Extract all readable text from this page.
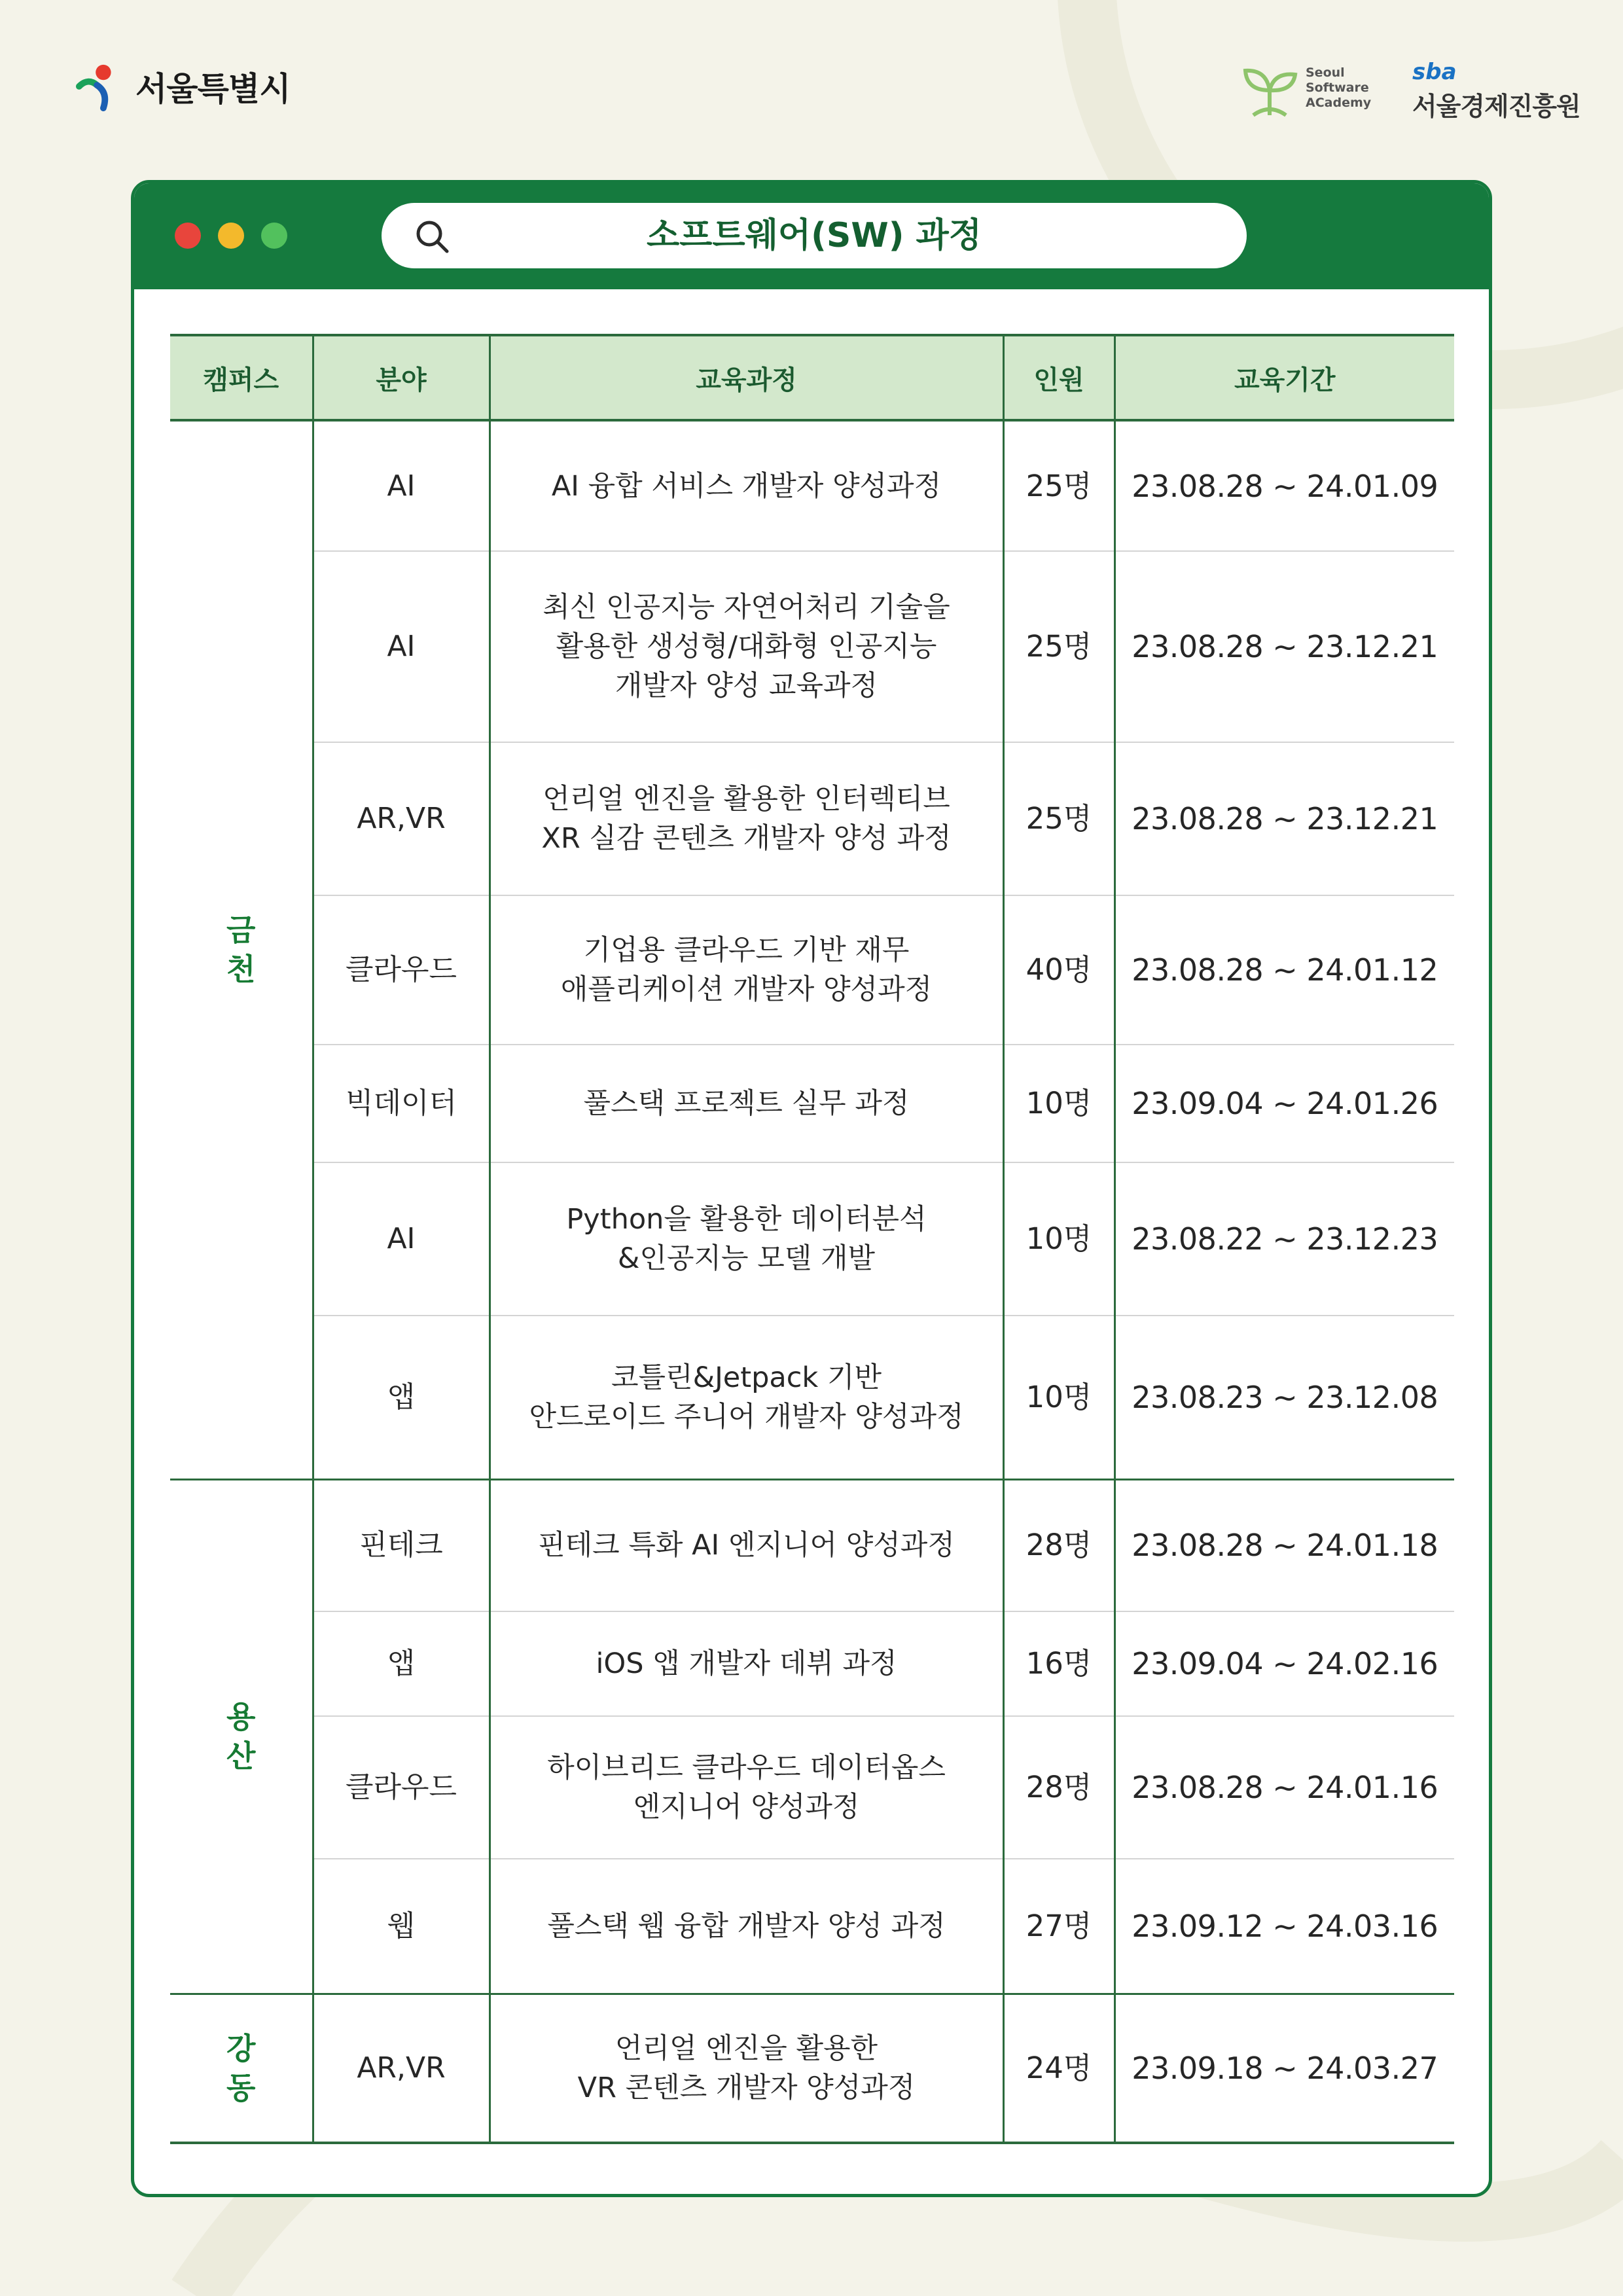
서울특별시	Seoul
Software
ACademy
sba
서울경제진흥원
소프트웨어(SW) 과정
캠퍼스	분야	교육과정	인원	교육기간
금 천	AI	AI 융합 서비스 개발자 양성과정	25명	23.08.28 ~ 24.01.09
	AI	최신 인공지능 자연어처리 기술을
활용한 생성형/대화형 인공지능
개발자 양성 교육과정	25명	23.08.28 ~ 23.12.21
	AR,VR	언리얼 엔진을 활용한 인터렉티브
XR 실감 콘텐츠 개발자 양성 과정	25명	23.08.28 ~ 23.12.21
	클라우드	기업용 클라우드 기반 재무
애플리케이션 개발자 양성과정	40명	23.08.28 ~ 24.01.12
	빅데이터	풀스택 프로젝트 실무 과정	10명	23.09.04 ~ 24.01.26
	AI	Python을 활용한 데이터분석
&인공지능 모델 개발	10명	23.08.22 ~ 23.12.23
	앱	코틀린&Jetpack 기반
안드로이드 주니어 개발자 양성과정	10명	23.08.23 ~ 23.12.08
용 산	핀테크	핀테크 특화 AI 엔지니어 양성과정	28명	23.08.28 ~ 24.01.18
	앱	iOS 앱 개발자 데뷔 과정	16명	23.09.04 ~ 24.02.16
	클라우드	하이브리드 클라우드 데이터옵스
엔지니어 양성과정	28명	23.08.28 ~ 24.01.16
	웹	풀스택 웹 융합 개발자 양성 과정	27명	23.09.12 ~ 24.03.16
강 동	AR,VR	언리얼 엔진을 활용한
VR 콘텐츠 개발자 양성과정	24명	23.09.18 ~ 24.03.27
